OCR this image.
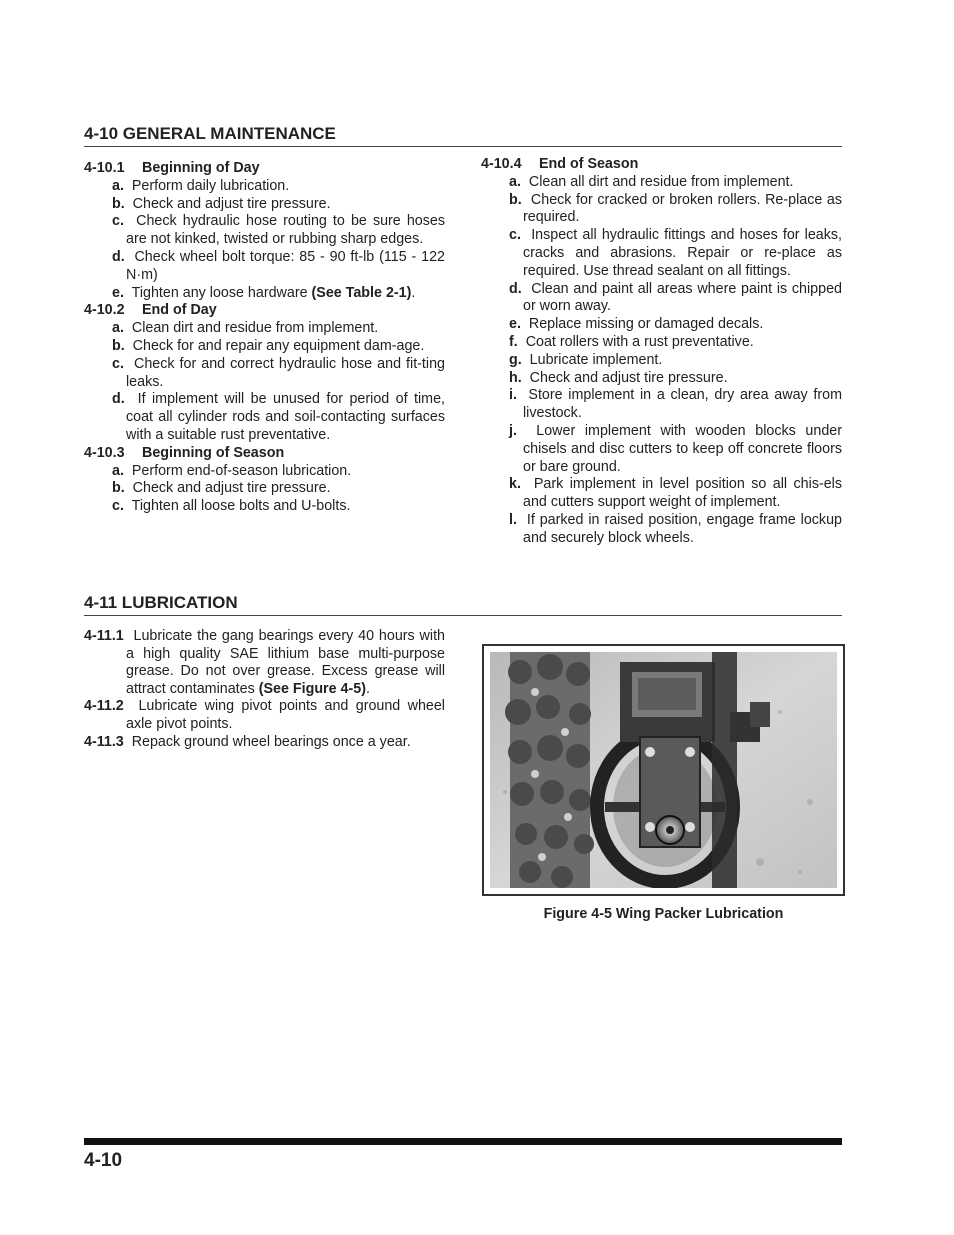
4-10 GENERAL MAINTENANCE
4-10.1 Beginning of Day
a. Perform daily lubrication.
b. Check and adjust tire pressure.
c. Check hydraulic hose routing to be sure hoses are not kinked, twisted or rubbing sharp edges.
d. Check wheel bolt torque: 85 - 90 ft-lb (115 - 122 N·m)
e. Tighten any loose hardware (See Table 2-1).
4-10.2 End of Day
a. Clean dirt and residue from implement.
b. Check for and repair any equipment dam-age.
c. Check for and correct hydraulic hose and fit-ting leaks.
d. If implement will be unused for period of time, coat all cylinder rods and soil-contacting surfaces with a suitable rust preventative.
4-10.3 Beginning of Season
a. Perform end-of-season lubrication.
b. Check and adjust tire pressure.
c. Tighten all loose bolts and U-bolts.
4-10.4 End of Season
a. Clean all dirt and residue from implement.
b. Check for cracked or broken rollers. Re-place as required.
c. Inspect all hydraulic fittings and hoses for leaks, cracks and abrasions. Repair or re-place as required. Use thread sealant on all fittings.
d. Clean and paint all areas where paint is chipped or worn away.
e. Replace missing or damaged decals.
f. Coat rollers with a rust preventative.
g. Lubricate implement.
h. Check and adjust tire pressure.
i. Store implement in a clean, dry area away from livestock.
j. Lower implement with wooden blocks under chisels and disc cutters to keep off concrete floors or bare ground.
k. Park implement in level position so all chis-els and cutters support weight of implement.
l. If parked in raised position, engage frame lockup and securely block wheels.
4-11 LUBRICATION
4-11.1 Lubricate the gang bearings every 40 hours with a high quality SAE lithium base multi-purpose grease. Do not over grease. Excess grease will attract contaminates (See Figure 4-5).
4-11.2 Lubricate wing pivot points and ground wheel axle pivot points.
4-11.3 Repack ground wheel bearings once a year.
Figure 4-5 Wing Packer Lubrication
4-10
